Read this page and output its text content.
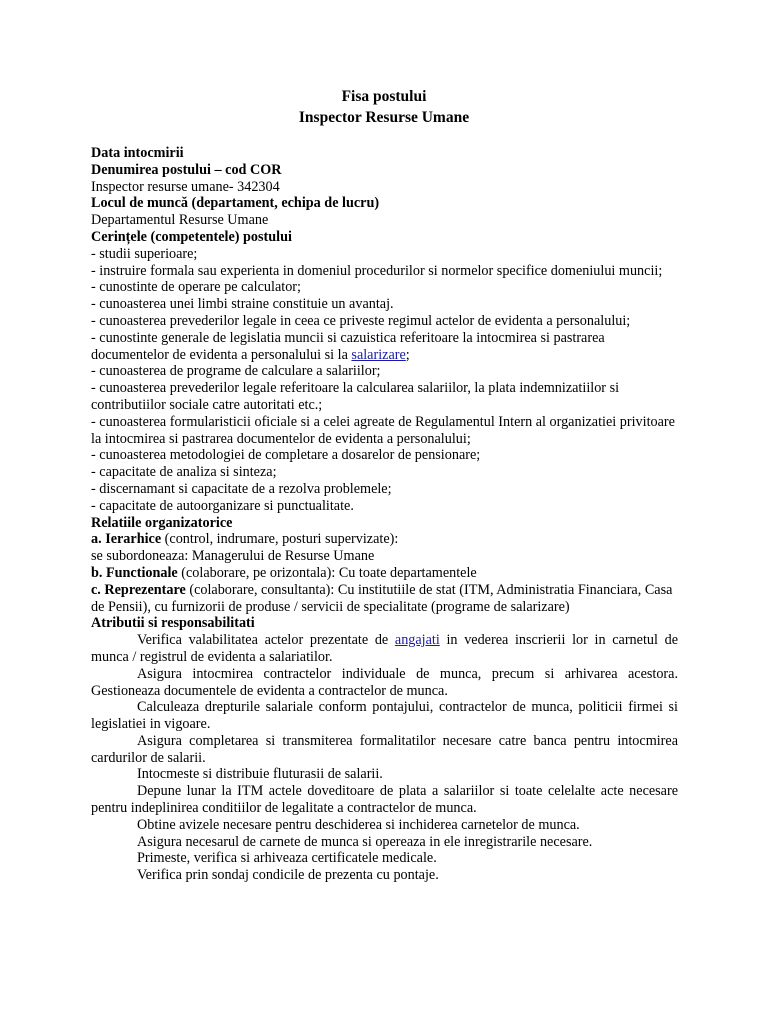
Fisa postului
Inspector Resurse Umane
Data intocmirii
Denumirea postului – cod COR
Inspector resurse umane- 342304
Locul de muncă (departament, echipa de lucru)
Departamentul Resurse Umane
Cerințele (competentele) postului
- studii superioare;
- instruire formala sau experienta in domeniul procedurilor si normelor specifice domeniului muncii;
- cunostinte de operare pe calculator;
- cunoasterea unei limbi straine constituie un avantaj.
- cunoasterea prevederilor legale in ceea ce priveste regimul actelor de evidenta a personalului;
- cunostinte generale de legislatia muncii si cazuistica referitoare la intocmirea si pastrarea documentelor de evidenta a personalului si la salarizare;
- cunoasterea de programe de calculare a salariilor;
- cunoasterea prevederilor legale referitoare la calcularea salariilor, la plata indemnizatiilor si contributiilor sociale catre autoritati etc.;
- cunoasterea formularisticii oficiale si a celei agreate de Regulamentul Intern al organizatiei privitoare la intocmirea si pastrarea documentelor de evidenta a personalului;
- cunoasterea metodologiei de completare a dosarelor de pensionare;
- capacitate de analiza si sinteza;
- discernamant si capacitate de a rezolva problemele;
- capacitate de autoorganizare si punctualitate.
Relatiile organizatorice
a. Ierarhice (control, indrumare, posturi supervizate):
se subordoneaza: Managerului de Resurse Umane
b. Functionale (colaborare, pe orizontala): Cu toate departamentele
c. Reprezentare (colaborare, consultanta): Cu institutiile de stat (ITM, Administratia Financiara, Casa de Pensii), cu furnizorii de produse / servicii de specialitate (programe de salarizare)
Atributii si responsabilitati
Verifica valabilitatea actelor prezentate de angajati in vederea inscrierii lor in carnetul de munca / registrul de evidenta a salariatilor.
Asigura intocmirea contractelor individuale de munca, precum si arhivarea acestora. Gestioneaza documentele de evidenta a contractelor de munca.
Calculeaza drepturile salariale conform pontajului, contractelor de munca, politicii firmei si legislatiei in vigoare.
Asigura completarea si transmiterea formalitatilor necesare catre banca pentru intocmirea cardurilor de salarii.
Intocmeste si distribuie fluturasii de salarii.
Depune lunar la ITM actele doveditoare de plata a salariilor si toate celelalte acte necesare pentru indeplinirea conditiilor de legalitate a contractelor de munca.
Obtine avizele necesare pentru deschiderea si inchiderea carnetelor de munca.
Asigura necesarul de carnete de munca si opereaza in ele inregistrarile necesare.
Primeste, verifica si arhiveaza certificatele medicale.
Verifica prin sondaj condicile de prezenta cu pontaje.
